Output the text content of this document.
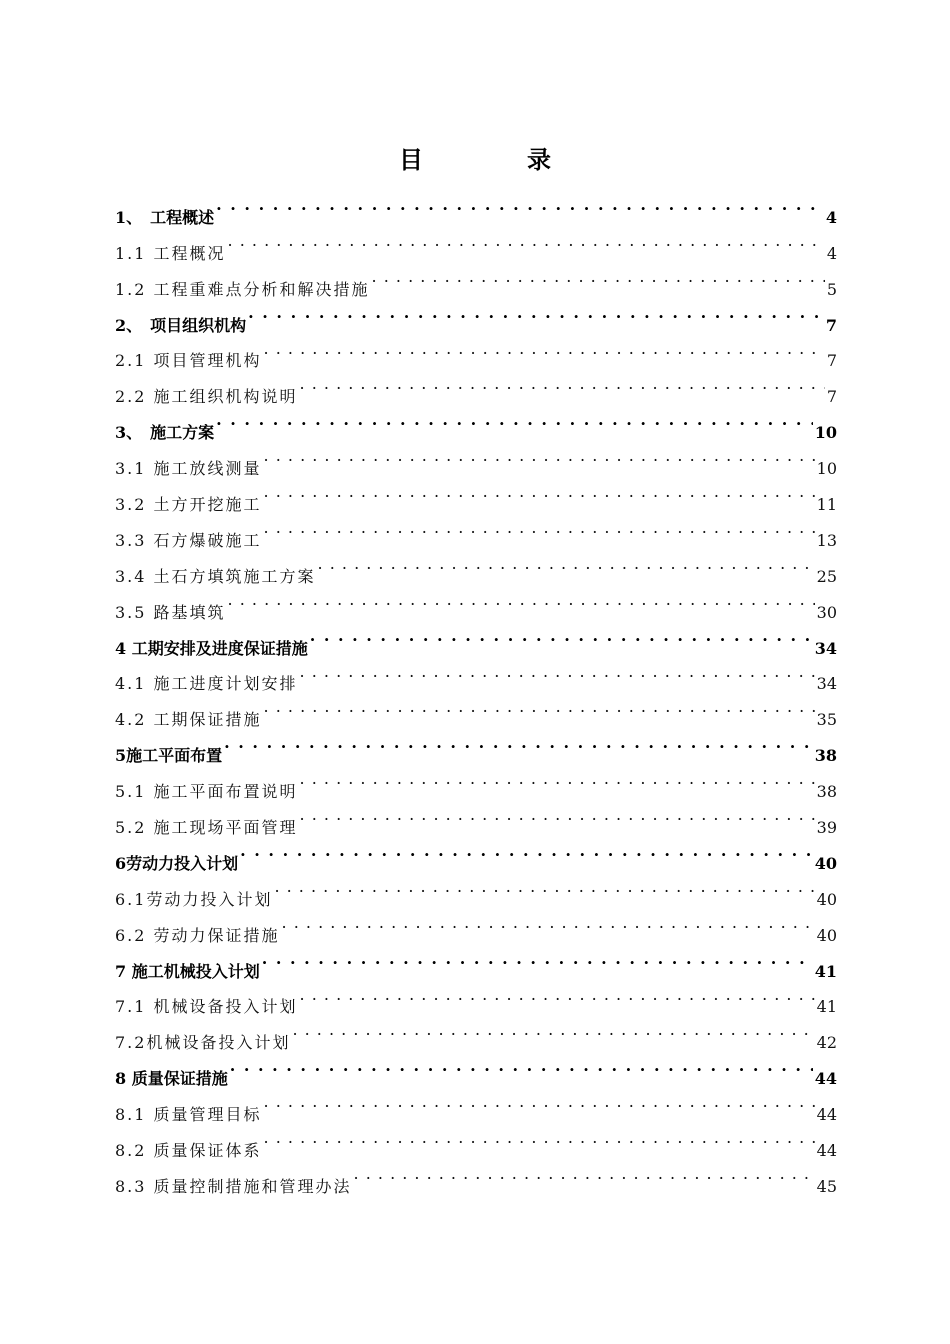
目　录
1、　工程概述 . . .	4
1.1 工程概况 . . .	4
1.2 工程重难点分析和解决措施 . . .	5
2、　项目组织机构 . . .	7
2.1 项目管理机构 . . .	7
2.2 施工组织机构说明 . . .	7
3、　施工方案 . . .	10
3.1 施工放线测量 . . .	10
3.2 土方开挖施工 . . .	11
3.3 石方爆破施工 . . .	13
3.4 土石方填筑施工方案 . . .	25
3.5 路基填筑 . . .	30
4 工期安排及进度保证措施 . . .	34
4.1 施工进度计划安排 . . .	34
4.2 工期保证措施 . . .	35
5施工平面布置 . . .	38
5.1 施工平面布置说明 . . .	38
5.2 施工现场平面管理 . . .	39
6劳动力投入计划 . . .	40
6.1劳动力投入计划 . . .	40
6.2 劳动力保证措施 . . .	40
7 施工机械投入计划 . . .	41
7.1 机械设备投入计划 . . .	41
7.2机械设备投入计划 . . .	42
8 质量保证措施 . . .	44
8.1 质量管理目标 . . .	44
8.2 质量保证体系 . . .	44
8.3 质量控制措施和管理办法 . . .	45
